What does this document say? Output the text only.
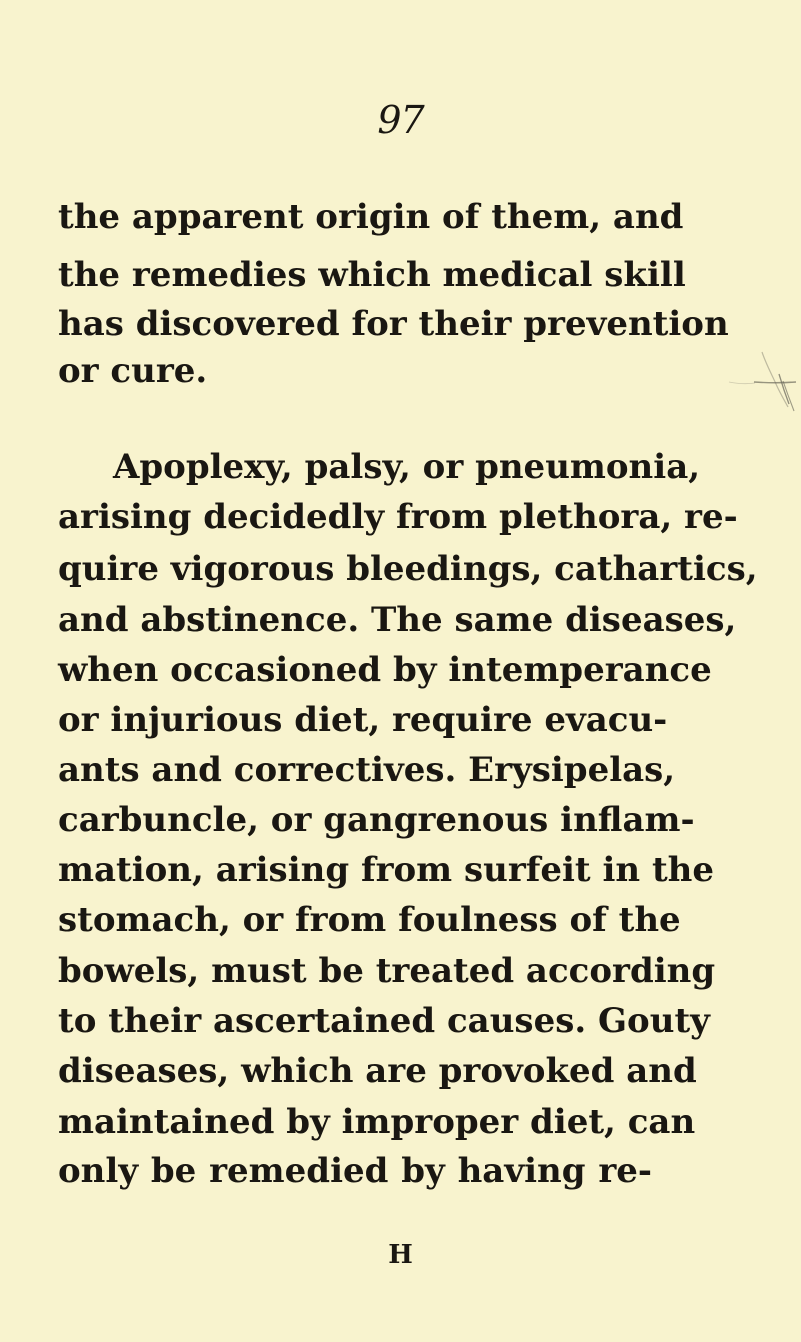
97
the apparent origin of them, and
the remedies which medical skill
has discovered for their prevention
or cure.
Apoplexy, palsy, or pneumonia,
arising decidedly from plethora, re-
quire vigorous bleedings, cathartics,
and abstinence. The same diseases,
when occasioned by intemperance
or injurious diet, require evacu-
ants and correctives. Erysipelas,
carbuncle, or gangrenous inflam-
mation, arising from surfeit in the
stomach, or from foulness of the
bowels, must be treated according
to their ascertained causes. Gouty
diseases, which are provoked and
maintained by improper diet, can
only be remedied by having re-
H
